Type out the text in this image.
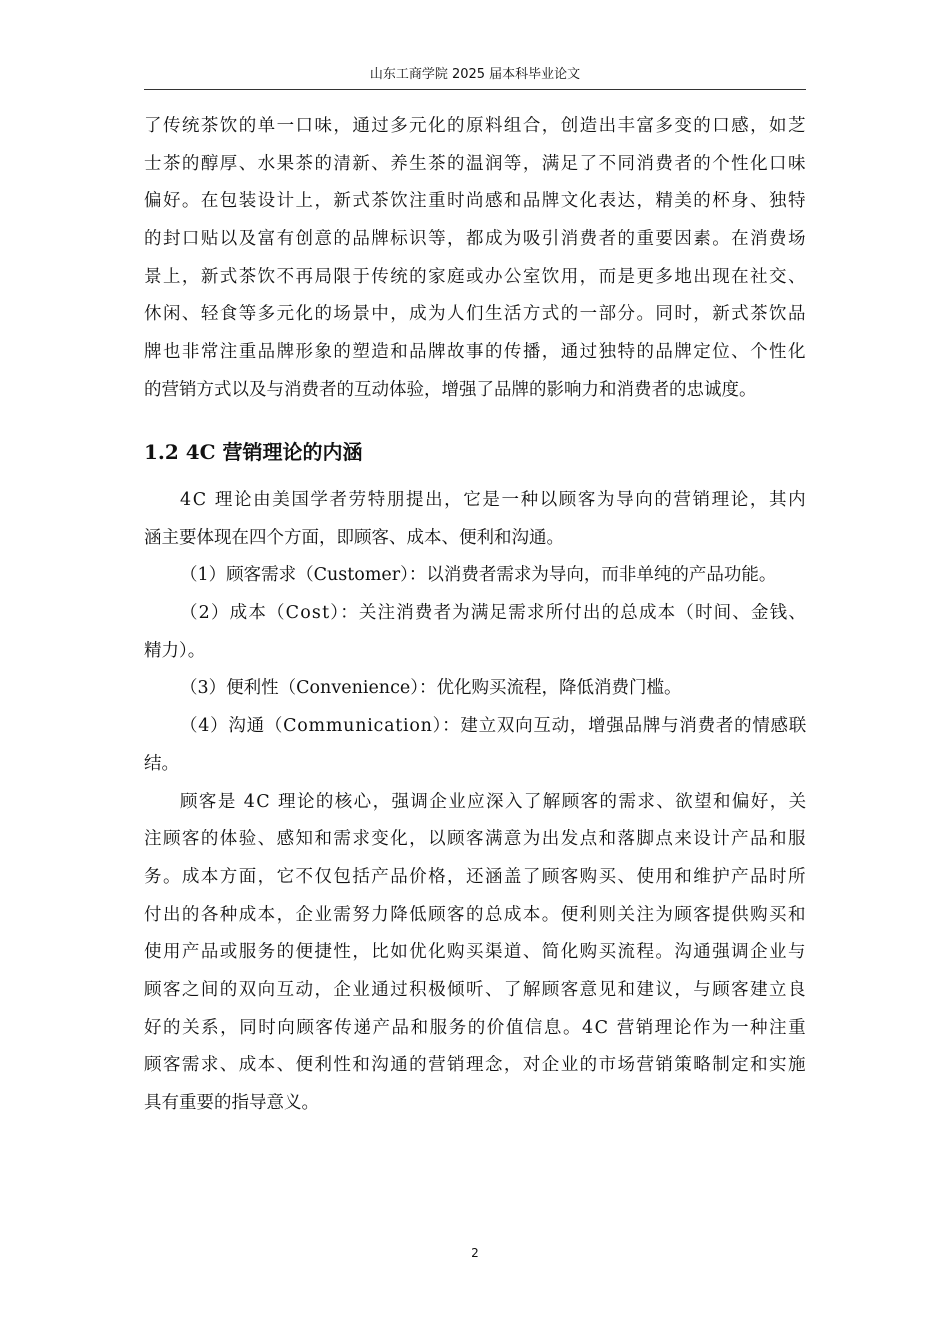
山东工商学院 2025 届本科毕业论文
了传统茶饮的单一口味，通过多元化的原料组合，创造出丰富多变的口感，如芝
士茶的醇厚、水果茶的清新、养生茶的温润等，满足了不同消费者的个性化口味
偏好。在包装设计上，新式茶饮注重时尚感和品牌文化表达，精美的杯身、独特
的封口贴以及富有创意的品牌标识等，都成为吸引消费者的重要因素。在消费场
景上，新式茶饮不再局限于传统的家庭或办公室饮用，而是更多地出现在社交、
休闲、轻食等多元化的场景中，成为人们生活方式的一部分。同时，新式茶饮品
牌也非常注重品牌形象的塑造和品牌故事的传播，通过独特的品牌定位、个性化
的营销方式以及与消费者的互动体验，增强了品牌的影响力和消费者的忠诚度。
1.2 4C 营销理论的内涵
4C 理论由美国学者劳特朋提出，它是一种以顾客为导向的营销理论，其内
涵主要体现在四个方面，即顾客、成本、便利和沟通。
（1）顾客需求（Customer）：以消费者需求为导向，而非单纯的产品功能。
（2）成本（Cost）：关注消费者为满足需求所付出的总成本（时间、金钱、
精力）。
（3）便利性（Convenience）：优化购买流程，降低消费门槛。
（4）沟通（Communication）：建立双向互动，增强品牌与消费者的情感联
结。
顾客是 4C 理论的核心，强调企业应深入了解顾客的需求、欲望和偏好，关
注顾客的体验、感知和需求变化，以顾客满意为出发点和落脚点来设计产品和服
务。成本方面，它不仅包括产品价格，还涵盖了顾客购买、使用和维护产品时所
付出的各种成本，企业需努力降低顾客的总成本。便利则关注为顾客提供购买和
使用产品或服务的便捷性，比如优化购买渠道、简化购买流程。沟通强调企业与
顾客之间的双向互动，企业通过积极倾听、了解顾客意见和建议，与顾客建立良
好的关系，同时向顾客传递产品和服务的价值信息。4C 营销理论作为一种注重
顾客需求、成本、便利性和沟通的营销理念，对企业的市场营销策略制定和实施
具有重要的指导意义。
2
